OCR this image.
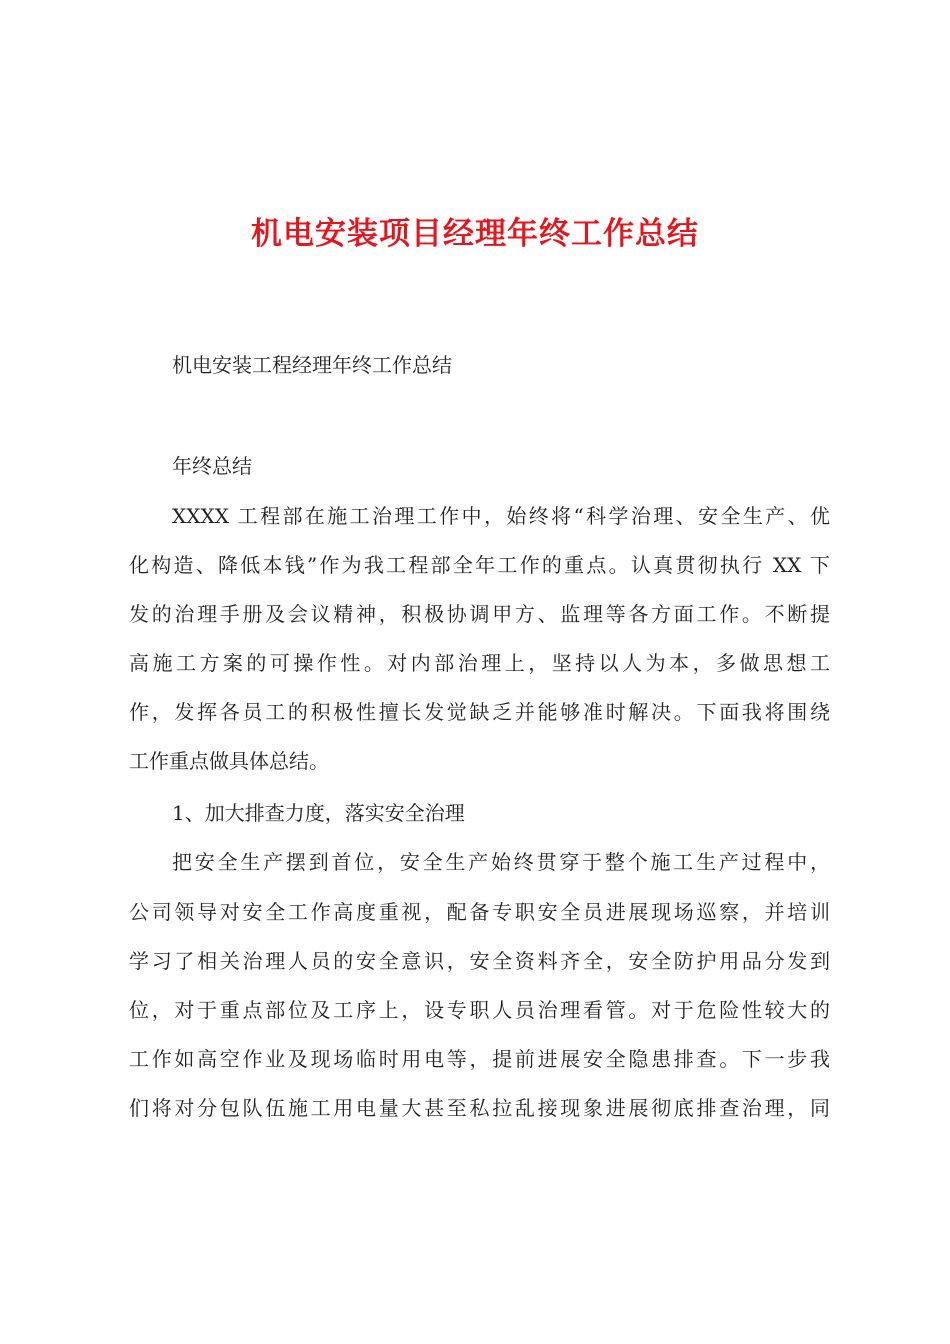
机电安装项目经理年终工作总结
机电安装工程经理年终工作总结
年终总结
XXXX 工程部在施工治理工作中，始终将“科学治理、安全生产、优
化构造、降低本钱”作为我工程部全年工作的重点。认真贯彻执行 XX 下
发的治理手册及会议精神，积极协调甲方、监理等各方面工作。不断提
高施工方案的可操作性。对内部治理上，坚持以人为本，多做思想工
作，发挥各员工的积极性擅长发觉缺乏并能够准时解决。下面我将围绕
工作重点做具体总结。
1、加大排查力度，落实安全治理
把安全生产摆到首位，安全生产始终贯穿于整个施工生产过程中，
公司领导对安全工作高度重视，配备专职安全员进展现场巡察，并培训
学习了相关治理人员的安全意识，安全资料齐全，安全防护用品分发到
位，对于重点部位及工序上，设专职人员治理看管。对于危险性较大的
工作如高空作业及现场临时用电等，提前进展安全隐患排查。下一步我
们将对分包队伍施工用电量大甚至私拉乱接现象进展彻底排查治理，同
